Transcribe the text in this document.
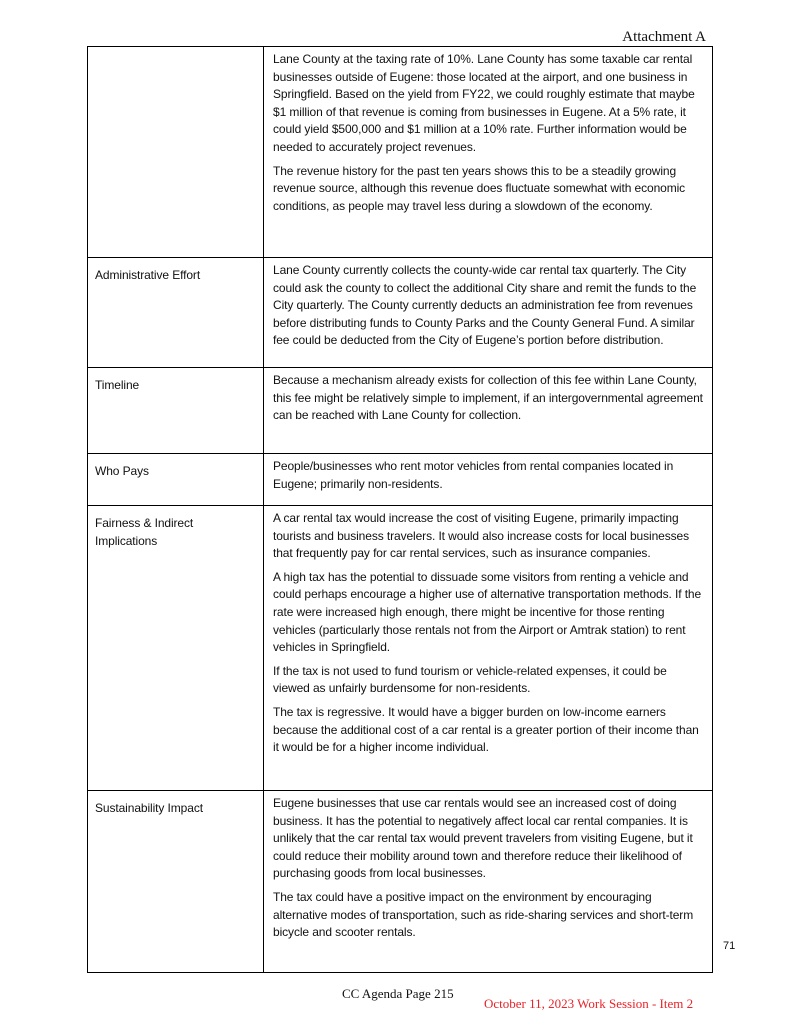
Attachment A

	Lane County at the taxing rate of 10%. Lane County has some taxable car rental businesses outside of Eugene: those located at the airport, and one business in Springfield. Based on the yield from FY22, we could roughly estimate that maybe $1 million of that revenue is coming from businesses in Eugene. At a 5% rate, it could yield $500,000 and $1 million at a 10% rate. Further information would be needed to accurately project revenues.

The revenue history for the past ten years shows this to be a steadily growing revenue source, although this revenue does fluctuate somewhat with economic conditions, as people may travel less during a slowdown of the economy.

Administrative Effort	Lane County currently collects the county-wide car rental tax quarterly. The City could ask the county to collect the additional City share and remit the funds to the City quarterly. The County currently deducts an administration fee from revenues before distributing funds to County Parks and the County General Fund. A similar fee could be deducted from the City of Eugene’s portion before distribution.

Timeline	Because a mechanism already exists for collection of this fee within Lane County, this fee might be relatively simple to implement, if an intergovernmental agreement can be reached with Lane County for collection.

Who Pays	People/businesses who rent motor vehicles from rental companies located in Eugene; primarily non-residents.

Fairness & Indirect Implications	A car rental tax would increase the cost of visiting Eugene, primarily impacting tourists and business travelers. It would also increase costs for local businesses that frequently pay for car rental services, such as insurance companies.

A high tax has the potential to dissuade some visitors from renting a vehicle and could perhaps encourage a higher use of alternative transportation methods. If the rate were increased high enough, there might be incentive for those renting vehicles (particularly those rentals not from the Airport or Amtrak station) to rent vehicles in Springfield.

If the tax is not used to fund tourism or vehicle-related expenses, it could be viewed as unfairly burdensome for non-residents.

The tax is regressive. It would have a bigger burden on low-income earners because the additional cost of a car rental is a greater portion of their income than it would be for a higher income individual.

Sustainability Impact	Eugene businesses that use car rentals would see an increased cost of doing business. It has the potential to negatively affect local car rental companies. It is unlikely that the car rental tax would prevent travelers from visiting Eugene, but it could reduce their mobility around town and therefore reduce their likelihood of purchasing goods from local businesses.

The tax could have a positive impact on the environment by encouraging alternative modes of transportation, such as ride-sharing services and short-term bicycle and scooter rentals.

71
CC Agenda Page 215
October 11, 2023 Work Session - Item 2
